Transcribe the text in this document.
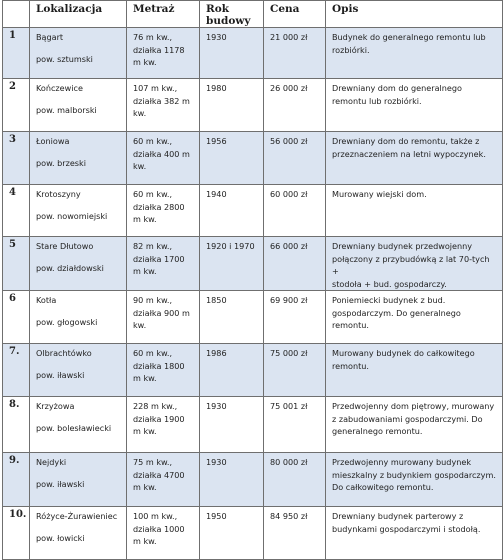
	Lokalizacja	Metraż	Rok budowy	Cena	Opis
1	Bągart
pow. sztumski	76 m kw.,
działka 1178
m kw.	1930	21 000 zł	Budynek do generalnego remontu lub
rozbiórki.

2	Kończewice
pow. malborski	107 m kw.,
działka 382 m
kw.	1980	26 000 zł	Drewniany dom do generalnego
remontu lub rozbiórki.

3	Łoniowa
pow. brzeski	60 m kw.,
działka 400 m
kw.	1956	56 000 zł	Drewniany dom do remontu, także z
przeznaczeniem na letni wypoczynek.

4	Krotoszyny
pow. nowomiejski	60 m kw.,
działka 2800
m kw.	1940	60 000 zł	Murowany wiejski dom.

5	Stare Dłutowo
pow. działdowski	82 m kw.,
działka 1700
m kw.	1920 i 1970	66 000 zł	Drewniany budynek przedwojenny
połączony z przybudówką z lat 70-tych +
stodoła + bud. gospodarczy.

6	Kotła
pow. głogowski	90 m kw.,
działka 900 m
kw.	1850	69 900 zł	Poniemiecki budynek z bud.
gospodarczym. Do generalnego
remontu.

7.	Olbrachtówko
pow. iławski	60 m kw.,
działka 1800
m kw.	1986	75 000 zł	Murowany budynek do całkowitego
remontu.

8.	Krzyżowa
pow. bolesławiecki	228 m kw.,
działka 1900
m kw.	1930	75 001 zł	Przedwojenny dom piętrowy, murowany
z zabudowaniami gospodarczymi. Do
generalnego remontu.

9.	Nejdyki
pow. iławski	75 m kw.,
działka 4700
m kw.	1930	80 000 zł	Przedwojenny murowany budynek
mieszkalny z budynkiem gospodarczym.
Do całkowitego remontu.

10.	Różyce-Żurawieniec
pow. łowicki	100 m kw.,
działka 1000
m kw.	1950	84 950 zł	Drewniany budynek parterowy z
budynkami gospodarczymi i stodołą.
